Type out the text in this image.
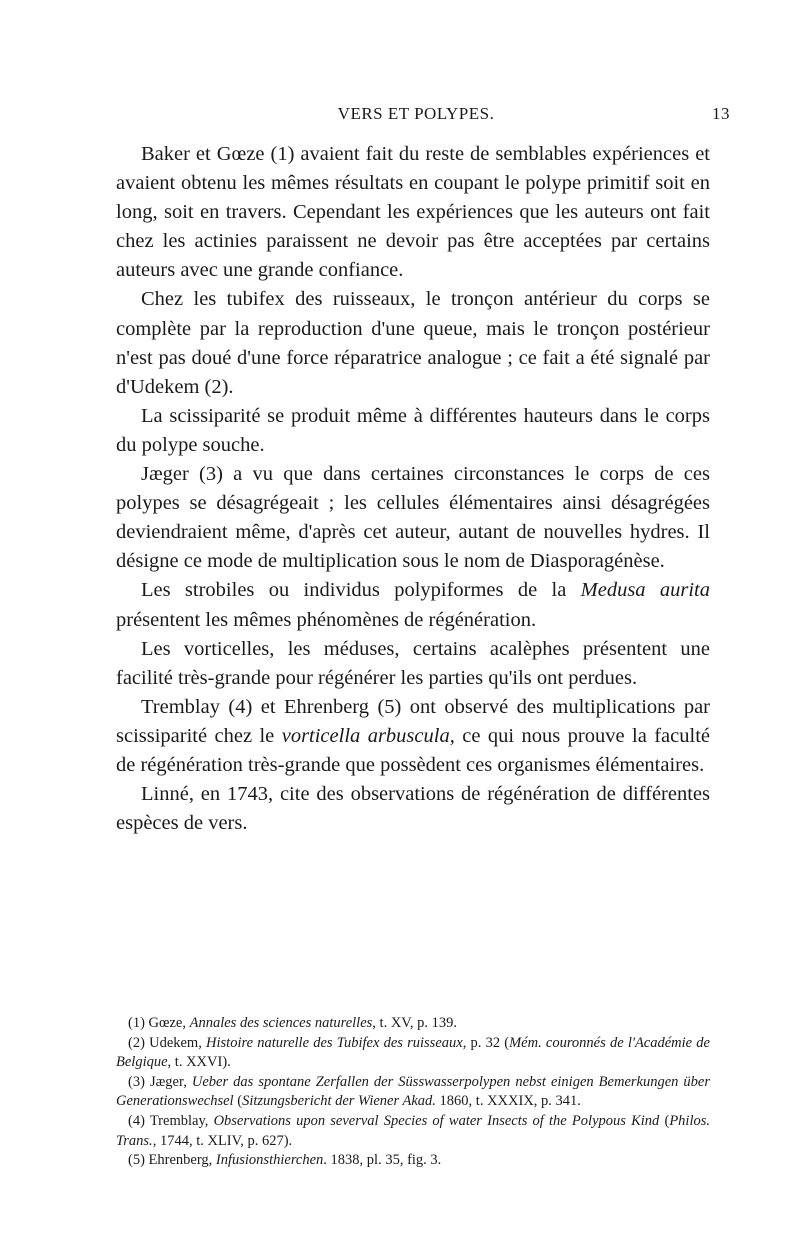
VERS ET POLYPES.	13

Baker et Gœze (1) avaient fait du reste de semblables expériences et avaient obtenu les mêmes résultats en coupant le polype primitif soit en long, soit en travers. Cependant les expériences que les auteurs ont fait chez les actinies paraissent ne devoir pas être acceptées par certains auteurs avec une grande confiance.

Chez les tubifex des ruisseaux, le tronçon antérieur du corps se complète par la reproduction d'une queue, mais le tronçon postérieur n'est pas doué d'une force réparatrice analogue ; ce fait a été signalé par d'Udekem (2).

La scissiparité se produit même à différentes hauteurs dans le corps du polype souche.

Jæger (3) a vu que dans certaines circonstances le corps de ces polypes se désagrégeait ; les cellules élémentaires ainsi désagrégées deviendraient même, d'après cet auteur, autant de nouvelles hydres. Il désigne ce mode de multiplication sous le nom de Diasporagénèse.

Les strobiles ou individus polypiformes de la Medusa aurita présentent les mêmes phénomènes de régénération.

Les vorticelles, les méduses, certains acalèphes présentent une facilité très-grande pour régénérer les parties qu'ils ont perdues.

Tremblay (4) et Ehrenberg (5) ont observé des multiplications par scissiparité chez le vorticella arbuscula, ce qui nous prouve la faculté de régénération très-grande que possèdent ces organismes élémentaires.

Linné, en 1743, cite des observations de régénération de différentes espèces de vers.

(1) Gœze, Annales des sciences naturelles, t. XV, p. 139.

(2) Udekem, Histoire naturelle des Tubifex des ruisseaux, p. 32 (Mém. couronnés de l'Académie de Belgique, t. XXVI).

(3) Jæger, Ueber das spontane Zerfallen der Süsswasserpolypen nebst einigen Bemerkungen über Generationswechsel (Sitzungsbericht der Wiener Akad. 1860, t. XXXIX, p. 341.

(4) Tremblay, Observations upon severval Species of water Insects of the Polypous Kind (Philos. Trans., 1744, t. XLIV, p. 627).

(5) Ehrenberg, Infusionsthierchen. 1838, pl. 35, fig. 3.
